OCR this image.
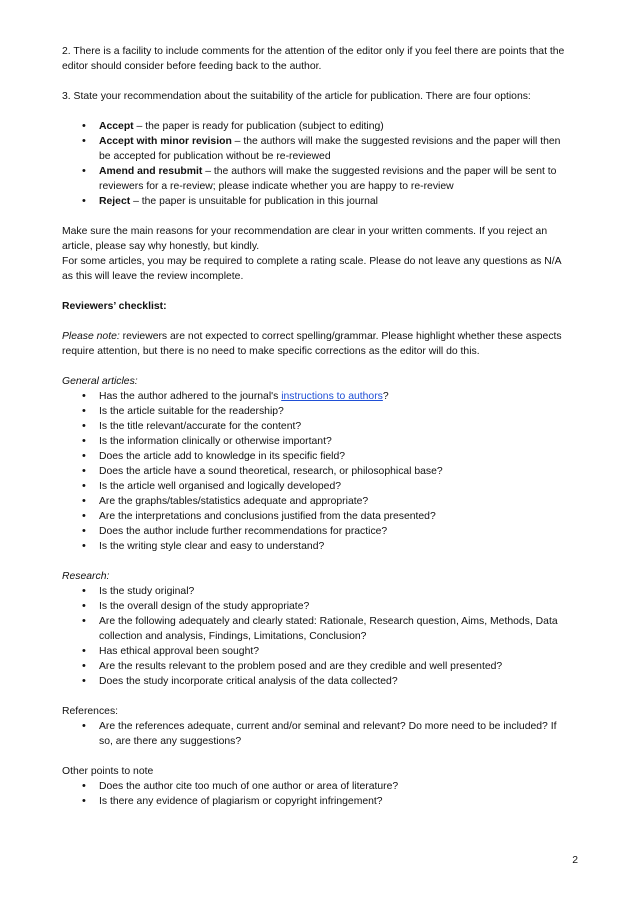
2. There is a facility to include comments for the attention of the editor only if you feel there are points that the editor should consider before feeding back to the author.

3. State your recommendation about the suitability of the article for publication. There are four options:

• Accept – the paper is ready for publication (subject to editing)
• Accept with minor revision – the authors will make the suggested revisions and the paper will then be accepted for publication without be re-reviewed
• Amend and resubmit – the authors will make the suggested revisions and the paper will be sent to reviewers for a re-review; please indicate whether you are happy to re-review
• Reject – the paper is unsuitable for publication in this journal

Make sure the main reasons for your recommendation are clear in your written comments. If you reject an article, please say why honestly, but kindly.

For some articles, you may be required to complete a rating scale. Please do not leave any questions as N/A as this will leave the review incomplete.

Reviewers’ checklist:

Please note: reviewers are not expected to correct spelling/grammar. Please highlight whether these aspects require attention, but there is no need to make specific corrections as the editor will do this.

General articles:

• Has the author adhered to the journal's instructions to authors?
• Is the article suitable for the readership?
• Is the title relevant/accurate for the content?
• Is the information clinically or otherwise important?
• Does the article add to knowledge in its specific field?
• Does the article have a sound theoretical, research, or philosophical base?
• Is the article well organised and logically developed?
• Are the graphs/tables/statistics adequate and appropriate?
• Are the interpretations and conclusions justified from the data presented?
• Does the author include further recommendations for practice?
• Is the writing style clear and easy to understand?

Research:

• Is the study original?
• Is the overall design of the study appropriate?
• Are the following adequately and clearly stated: Rationale, Research question, Aims, Methods, Data collection and analysis, Findings, Limitations, Conclusion?
• Has ethical approval been sought?
• Are the results relevant to the problem posed and are they credible and well presented?
• Does the study incorporate critical analysis of the data collected?

References:

• Are the references adequate, current and/or seminal and relevant? Do more need to be included? If so, are there any suggestions?

Other points to note

• Does the author cite too much of one author or area of literature?
• Is there any evidence of plagiarism or copyright infringement?
2
